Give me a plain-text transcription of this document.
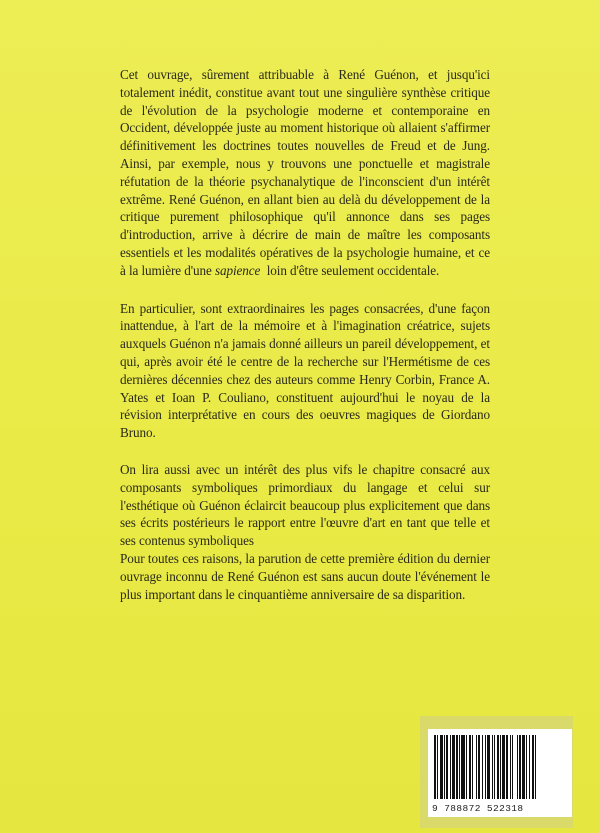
Cet ouvrage, sûrement attribuable à René Guénon, et jusqu'ici totalement inédit, constitue avant tout une singulière synthèse critique de l'évolution de la psychologie moderne et contemporaine en Occident, développée juste au moment historique où allaient s'affirmer définitivement les doctrines toutes nouvelles de Freud et de Jung. Ainsi, par exemple, nous y trouvons une ponctuelle et magistrale réfutation de la théorie psychanalytique de l'inconscient d'un intérêt extrême. René Guénon, en allant bien au delà du développement de la critique purement philosophique qu'il annonce dans ses pages d'introduction, arrive à décrire de main de maître les composants essentiels et les modalités opératives de la psychologie humaine, et ce à la lumière d'une sapience loin d'être seulement occidentale.

En particulier, sont extraordinaires les pages consacrées, d'une façon inattendue, à l'art de la mémoire et à l'imagination créatrice, sujets auxquels Guénon n'a jamais donné ailleurs un pareil développement, et qui, après avoir été le centre de la recherche sur l'Hermétisme de ces dernières décennies chez des auteurs comme Henry Corbin, France A. Yates et Ioan P. Couliano, constituent aujourd'hui le noyau de la révision interprétative en cours des oeuvres magiques de Giordano Bruno.

On lira aussi avec un intérêt des plus vifs le chapitre consacré aux composants symboliques primordiaux du langage et celui sur l'esthétique où Guénon éclaircit beaucoup plus explicitement que dans ses écrits postérieurs le rapport entre l'œuvre d'art en tant que telle et ses contenus symboliques

Pour toutes ces raisons, la parution de cette première édition du dernier ouvrage inconnu de René Guénon est sans aucun doute l'événement le plus important dans le cinquantième anniversaire de sa disparition.

9 788872 522318
